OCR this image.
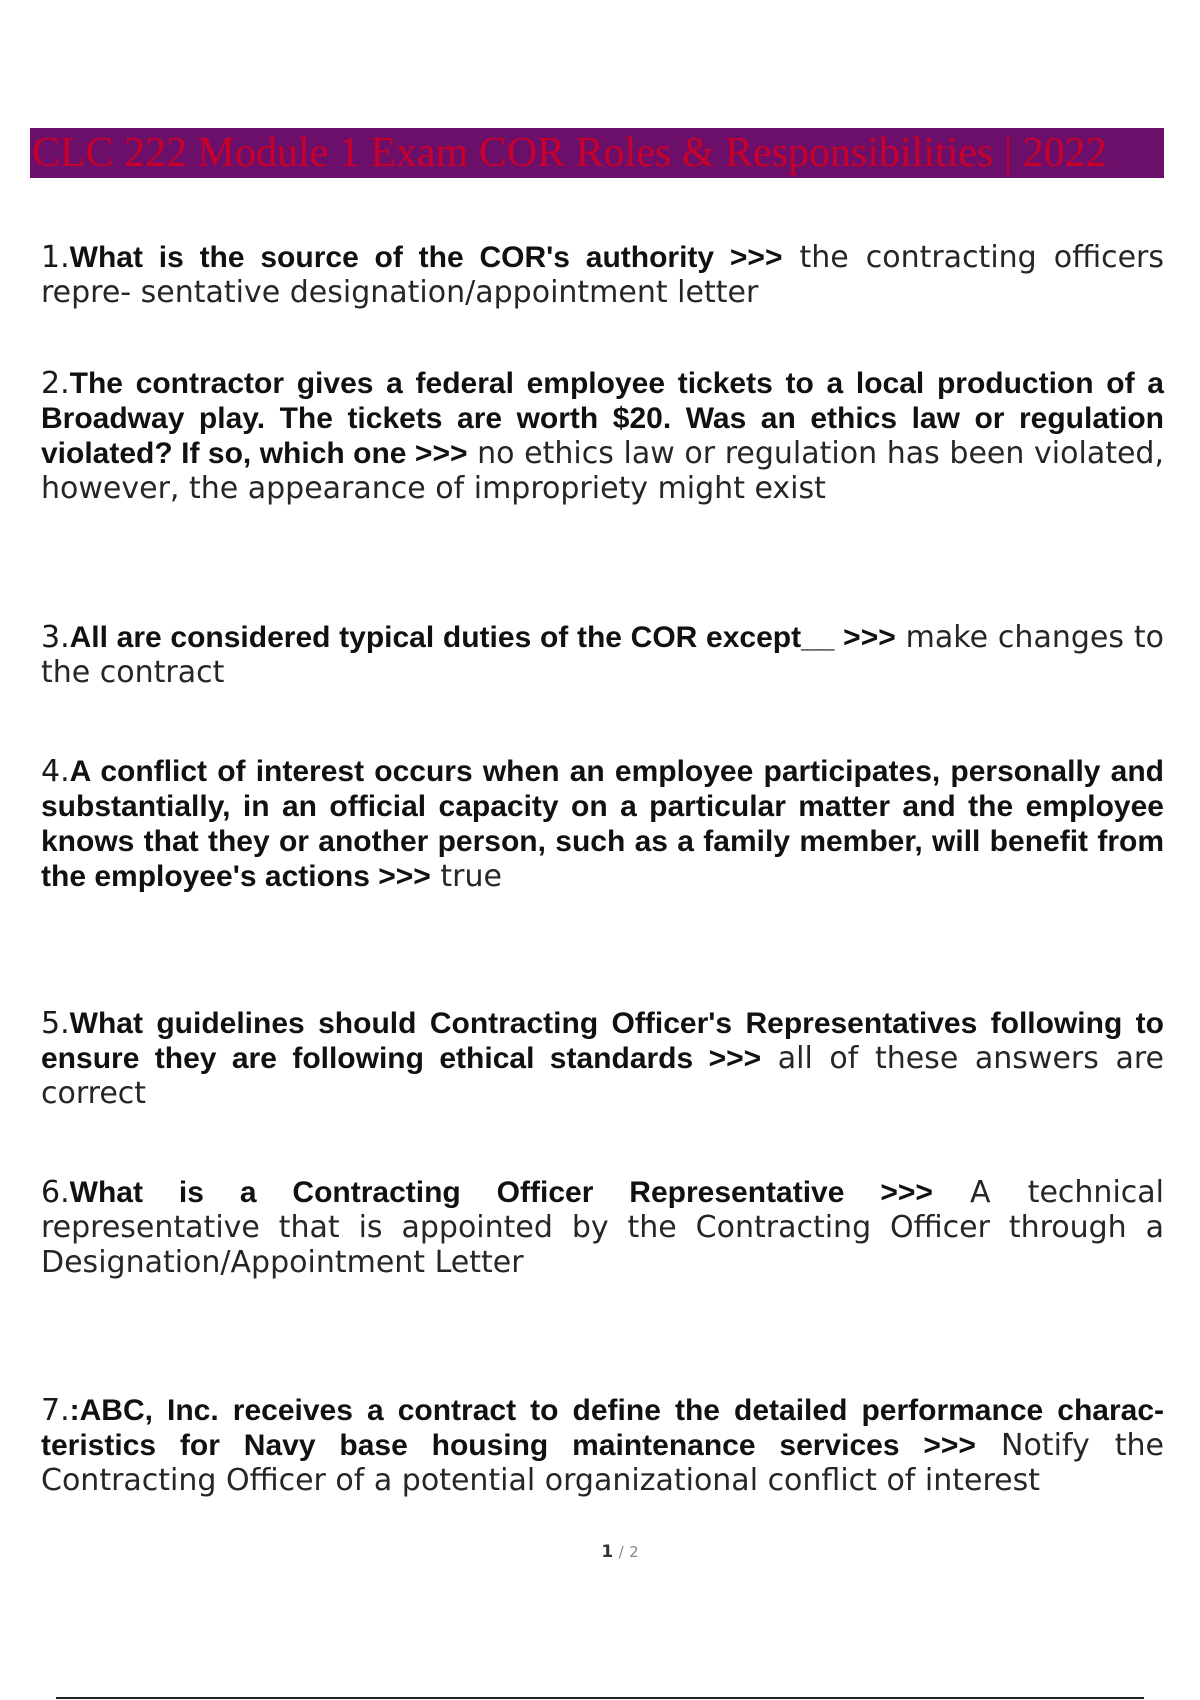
CLC 222 Module 1 Exam COR Roles & Responsibilities | 2022
1.What is the source of the COR's authority >>> the contracting officers repre- sentative designation/appointment letter
2.The contractor gives a federal employee tickets to a local production of a Broadway play. The tickets are worth $20. Was an ethics law or regulation violated? If so, which one >>> no ethics law or regulation has been violated, however, the appearance of impropriety might exist
3.All are considered typical duties of the COR except__ >>> make changes to the contract
4.A conflict of interest occurs when an employee participates, personally and substantially, in an official capacity on a particular matter and the employee knows that they or another person, such as a family member, will benefit from the employee's actions >>> true
5.What guidelines should Contracting Officer's Representatives following to ensure they are following ethical standards >>> all of these answers are correct
6.What is a Contracting Officer Representative >>> A technical representative that is appointed by the Contracting Officer through a Designation/Appointment Letter
7.:ABC, Inc. receives a contract to define the detailed performance charac- teristics for Navy base housing maintenance services >>> Notify the Contracting Officer of a potential organizational conflict of interest
1 / 2
